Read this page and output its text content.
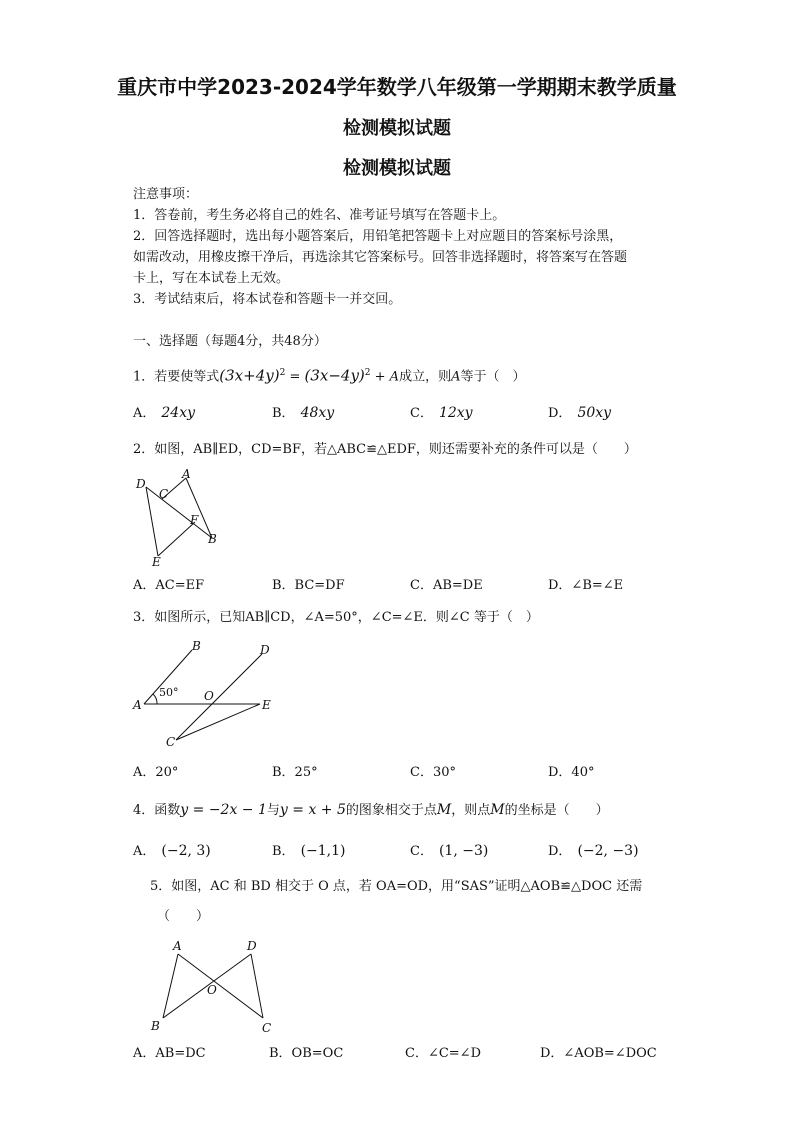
重庆市中学2023-2024学年数学八年级第一学期期末教学质量
检测模拟试题
检测模拟试题
注意事项：
1．答卷前，考生务必将自己的姓名、准考证号填写在答题卡上。
2．回答选择题时，选出每小题答案后，用铅笔把答题卡上对应题目的答案标号涂黑，
如需改动，用橡皮擦干净后，再选涂其它答案标号。回答非选择题时，将答案写在答题
卡上，写在本试卷上无效。
3．考试结束后，将本试卷和答题卡一并交回。
一、选择题（每题4分，共48分）
1．若要使等式$(3x+4y)^2 = (3x-4y)^2 + A$成立，则A等于（　）
A． 24xy	B． 48xy	C． 12xy	D． 50xy
2．如图，AB∥ED，CD=BF，若△ABC≌△EDF，则还需要补充的条件可以是（　　）
D
A
C
F
B
E
A．AC=EF	B．BC=DF	C．AB=DE	D．∠B=∠E
3．如图所示，已知AB∥CD，∠A=50°，∠C=∠E．则∠C 等于（　）
B	D
50° O
A	E
C
A．20°	B．25°	C．30°	D．40°
4．函数y = −2x − 1与y = x + 5的图象相交于点M，则点M的坐标是（　　）
A． (−2, 3)	B． (−1,1)	C． (1, −3)	D． (−2, −3)
5．如图，AC 和 BD 相交于 O 点，若 OA=OD，用“SAS”证明△AOB≌△DOC 还需
（　　）
A	D
O
B	C
A．AB=DC	B．OB=OC	C．∠C=∠D	D．∠AOB=∠DOC
